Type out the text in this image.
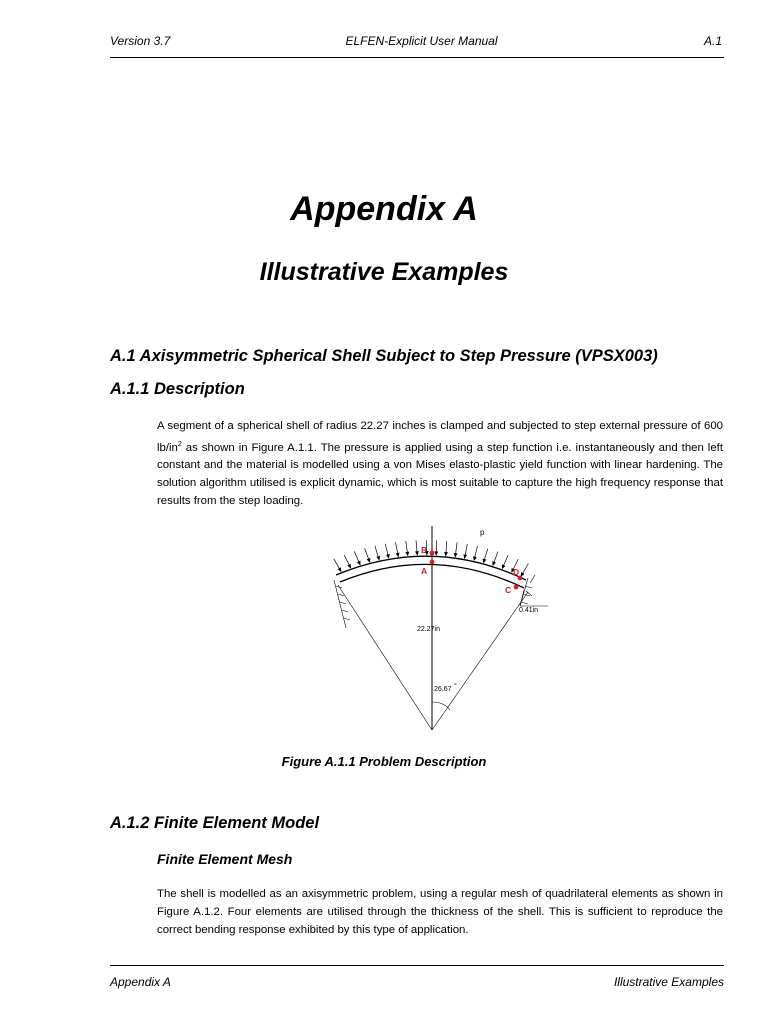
Version 3.7	ELFEN-Explicit User Manual	A.1
Appendix A
Illustrative Examples
A.1 Axisymmetric Spherical Shell Subject to Step Pressure (VPSX003)
A.1.1 Description
A segment of a spherical shell of radius 22.27 inches is clamped and subjected to step external pressure of 600 $lb/in^2$ as shown in Figure A.1.1. The pressure is applied using a step function i.e. instantaneously and then left constant and the material is modelled using a von Mises elasto-plastic yield function with linear hardening. The solution algorithm utilised is explicit dynamic, which is most suitable to capture the high frequency response that results from the step loading.
B
A	D
C
p
0.41in
22.27in
26.67 °
Figure A.1.1 Problem Description
A.1.2 Finite Element Model
Finite Element Mesh
The shell is modelled as an axisymmetric problem, using a regular mesh of quadrilateral elements as shown in Figure A.1.2. Four elements are utilised through the thickness of the shell. This is sufficient to reproduce the correct bending response exhibited by this type of application.
Appendix A	Illustrative Examples
